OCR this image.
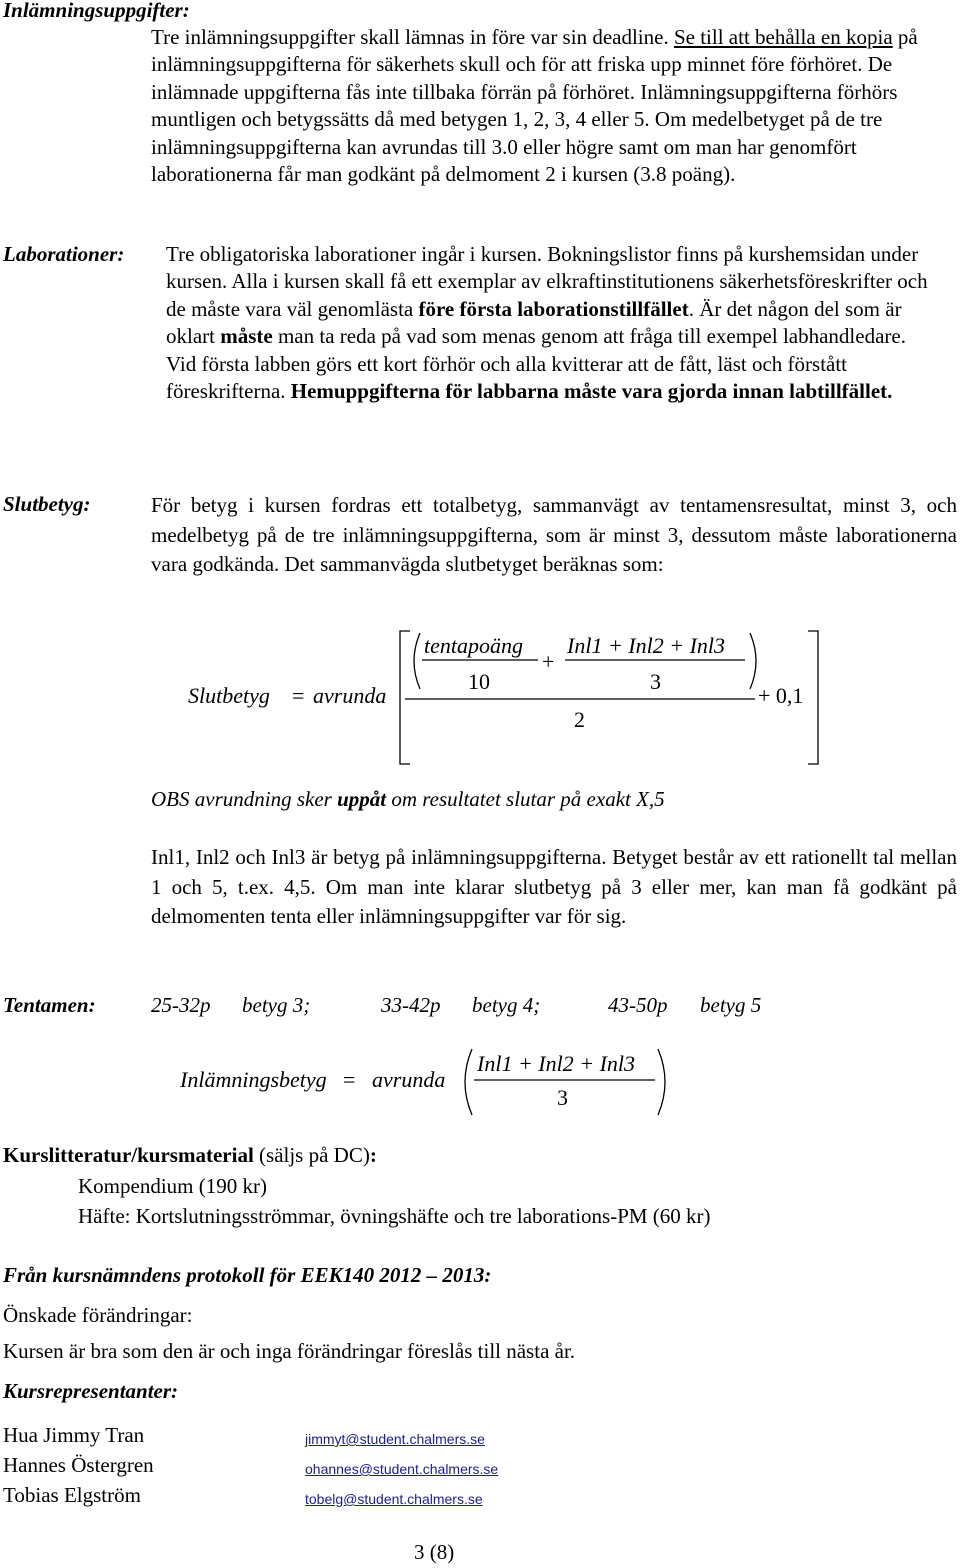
Inlämningsuppgifter:
Tre inlämningsuppgifter skall lämnas in före var sin deadline. Se till att behålla en kopia på inlämningsuppgifterna för säkerhets skull och för att friska upp minnet före förhöret. De inlämnade uppgifterna fås inte tillbaka förrän på förhöret. Inlämningsuppgifterna förhörs muntligen och betygssätts då med betygen 1, 2, 3, 4 eller 5. Om medelbetyget på de tre inlämningsuppgifterna kan avrundas till 3.0 eller högre samt om man har genomfört laborationerna får man godkänt på delmoment 2 i kursen (3.8 poäng).
Laborationer: Tre obligatoriska laborationer ingår i kursen. Bokningslistor finns på kurshemsidan under kursen. Alla i kursen skall få ett exemplar av elkraftinstitutionens säkerhetsföreskrifter och de måste vara väl genomlästa före första laborationstillfället. Är det någon del som är oklart måste man ta reda på vad som menas genom att fråga till exempel labhandledare. Vid första labben görs ett kort förhör och alla kvitterar att de fått, läst och förstått föreskrifterna. Hemuppgifterna för labbarna måste vara gjorda innan labtillfället.
Slutbetyg:	För betyg i kursen fordras ett totalbetyg, sammanvägt av tentamensresultat, minst 3, och medelbetyg på de tre inlämningsuppgifterna, som är minst 3, dessutom måste laborationerna vara godkända. Det sammanvägda slutbetyget beräknas som:
Slutbetyg = avrunda
tentapoäng
10
+
Inl1 + Inl2 + Inl3
3
2
+ 0,1
OBS avrundning sker uppåt om resultatet slutar på exakt X,5
Inl1, Inl2 och Inl3 är betyg på inlämningsuppgifterna. Betyget består av ett rationellt tal mellan 1 och 5, t.ex. 4,5. Om man inte klarar slutbetyg på 3 eller mer, kan man få godkänt på delmomenten tenta eller inlämningsuppgifter var för sig.
Tentamen:	25-32p betyg 3;	33-42p betyg 4;	43-50p betyg 5
Inlämningsbetyg = avrunda
Inl1 + Inl2 + Inl3
3
Kurslitteratur/kursmaterial (säljs på DC):
Kompendium (190 kr)
Häfte: Kortslutningsströmmar, övningshäfte och tre laborations-PM (60 kr)
Från kursnämndens protokoll för EEK140 2012 – 2013:
Önskade förändringar:
Kursen är bra som den är och inga förändringar föreslås till nästa år.
Kursrepresentanter:
Hua Jimmy Tran	jimmyt@student.chalmers.se
Hannes Östergren	ohannes@student.chalmers.se
Tobias Elgström	tobelg@student.chalmers.se
3 (8)
